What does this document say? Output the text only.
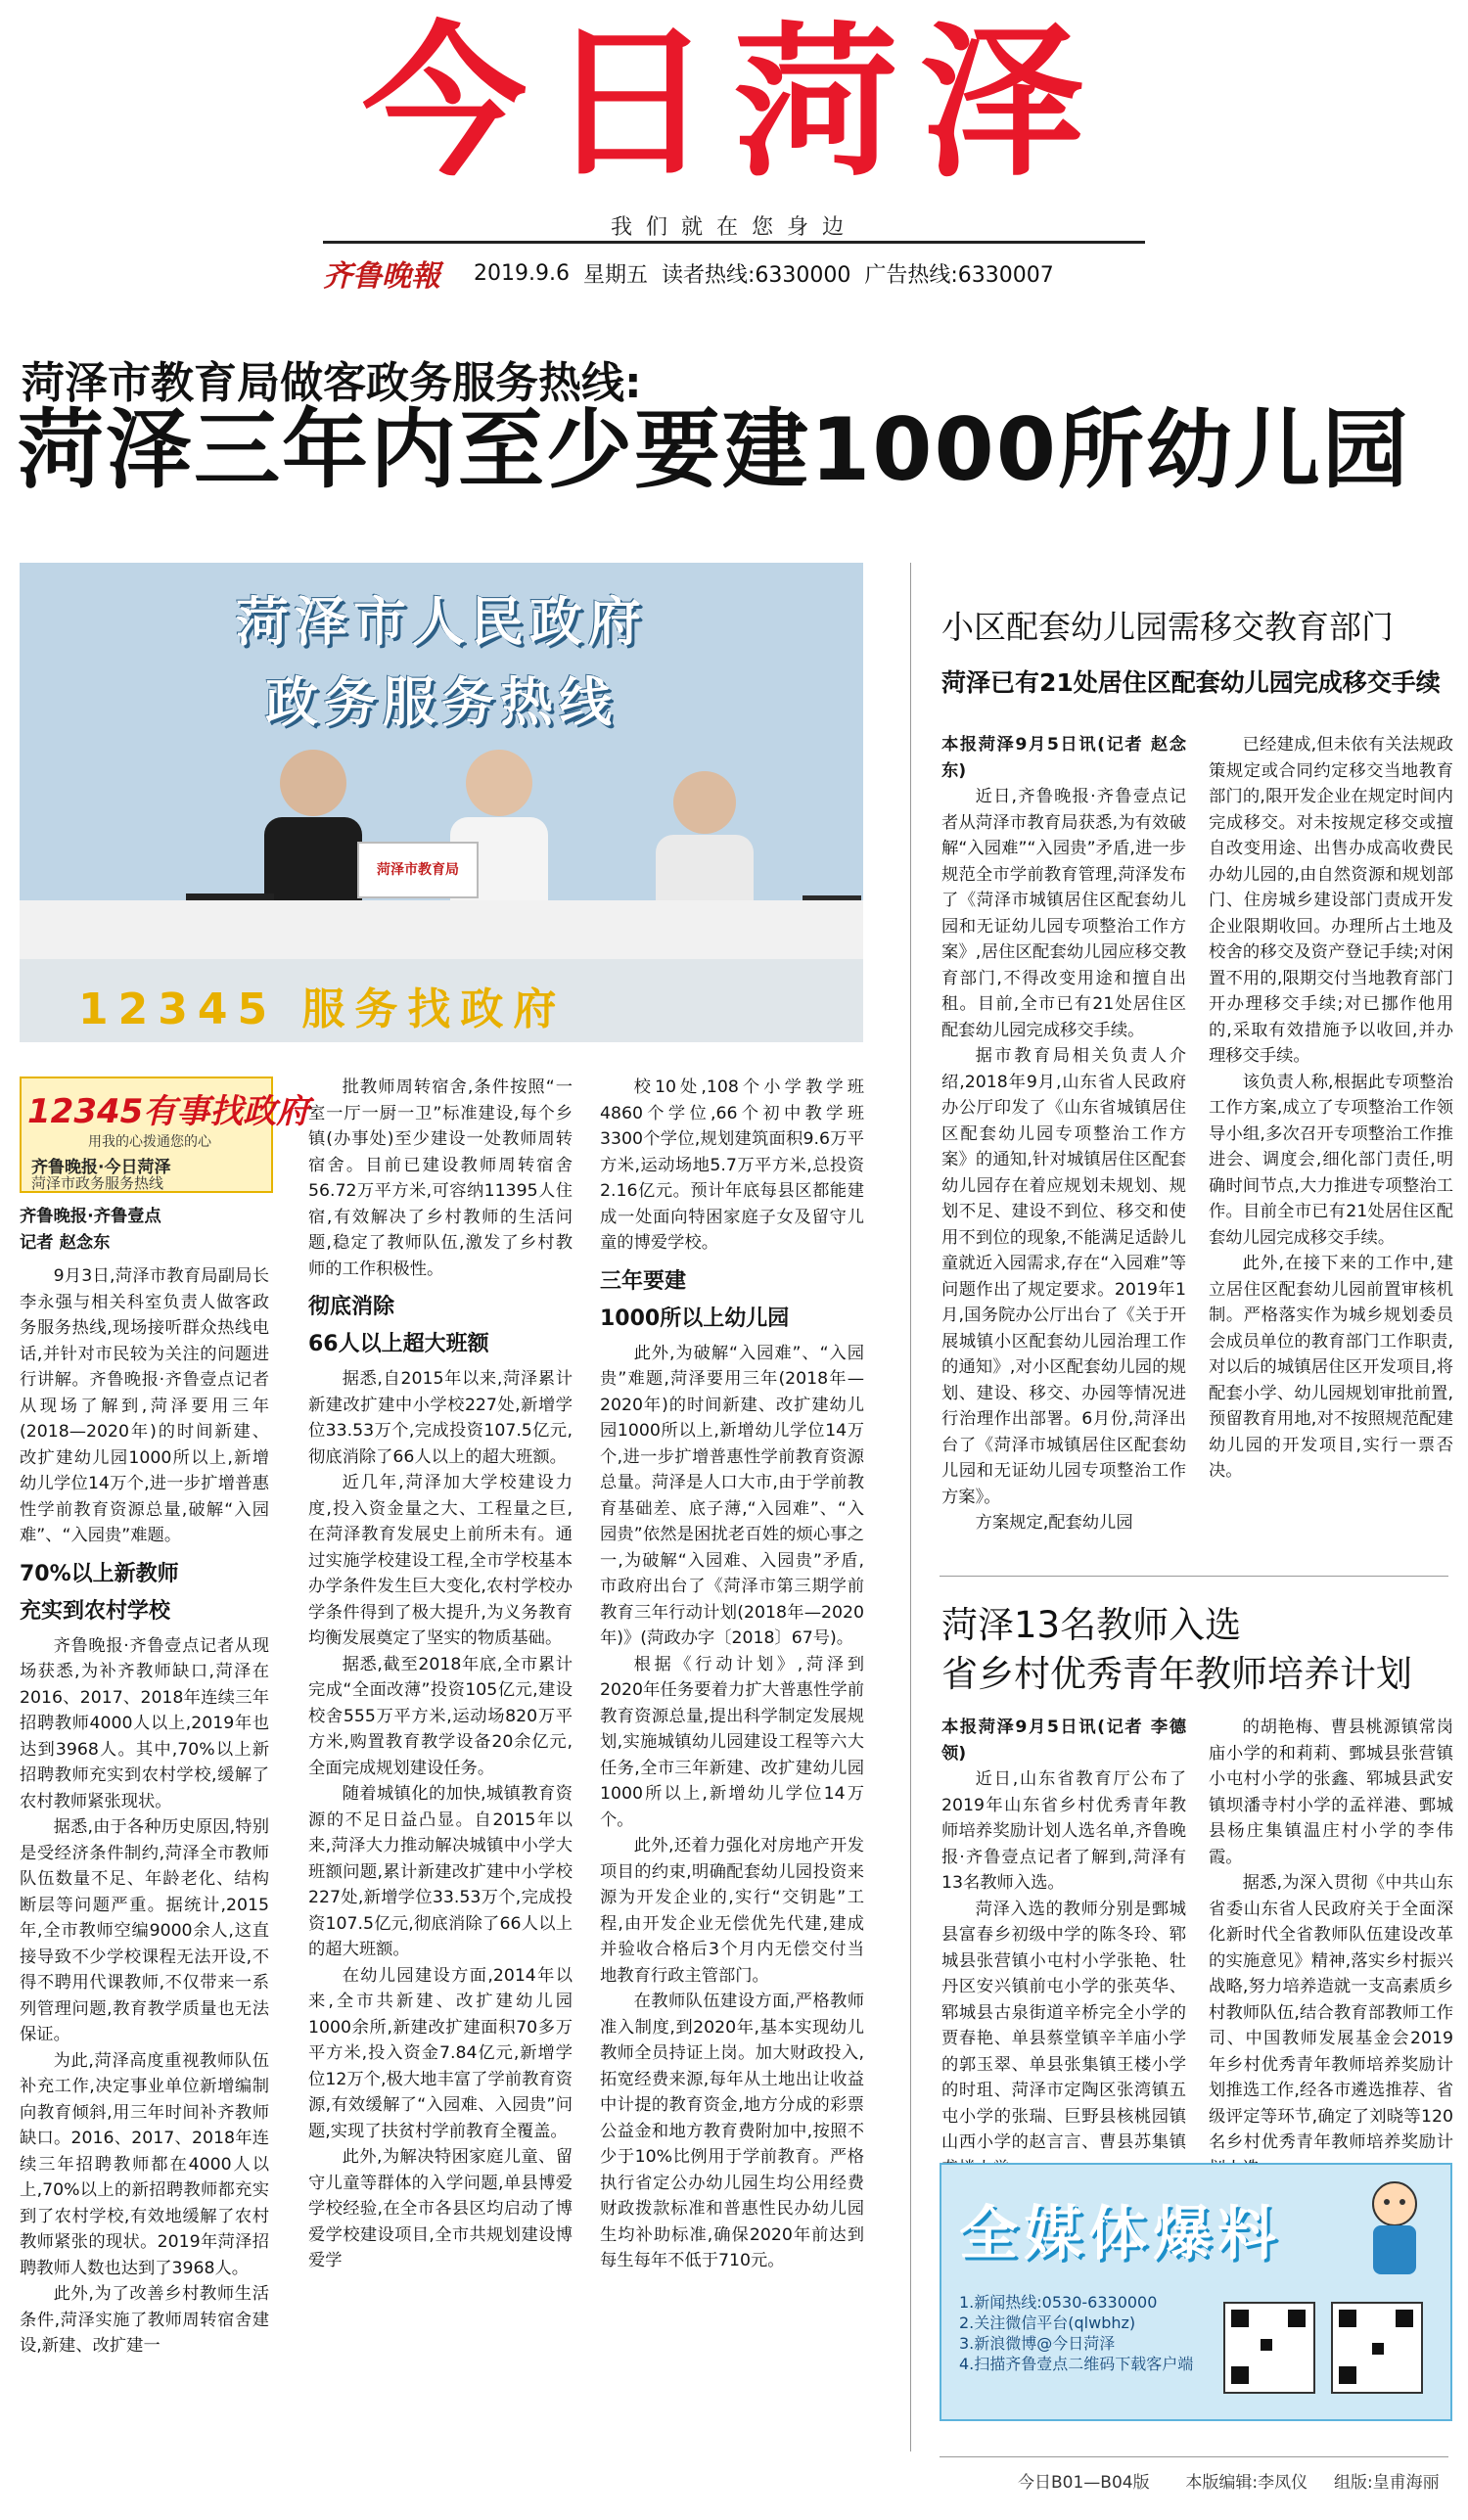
今日菏泽
我们就在您身边
齐鲁晚報 2019.9.6 星期五 读者热线:6330000 广告热线:6330007
菏泽市教育局做客政务服务热线:
菏泽三年内至少要建1000所幼儿园
菏泽市人民政府
政务服务热线
菏泽市教育局
12345 服务找政府
12345有事找政府
用我的心拨通您的心
齐鲁晚报·今日菏泽
菏泽市政务服务热线

齐鲁晚报·齐鲁壹点

记者 赵念东

9月3日,菏泽市教育局副局长李永强与相关科室负责人做客政务服务热线,现场接听群众热线电话,并针对市民较为关注的问题进行讲解。齐鲁晚报·齐鲁壹点记者从现场了解到,菏泽要用三年(2018—2020年)的时间新建、改扩建幼儿园1000所以上,新增幼儿学位14万个,进一步扩增普惠性学前教育资源总量,破解“入园难”、“入园贵”难题。

70%以上新教师
充实到农村学校

齐鲁晚报·齐鲁壹点记者从现场获悉,为补齐教师缺口,菏泽在2016、2017、2018年连续三年招聘教师4000人以上,2019年也达到3968人。其中,70%以上新招聘教师充实到农村学校,缓解了农村教师紧张现状。

据悉,由于各种历史原因,特别是受经济条件制约,菏泽全市教师队伍数量不足、年龄老化、结构断层等问题严重。据统计,2015年,全市教师空编9000余人,这直接导致不少学校课程无法开设,不得不聘用代课教师,不仅带来一系列管理问题,教育教学质量也无法保证。

为此,菏泽高度重视教师队伍补充工作,决定事业单位新增编制向教育倾斜,用三年时间补齐教师缺口。2016、2017、2018年连续三年招聘教师都在4000人以上,70%以上的新招聘教师都充实到了农村学校,有效地缓解了农村教师紧张的现状。2019年菏泽招聘教师人数也达到了3968人。

此外,为了改善乡村教师生活条件,菏泽实施了教师周转宿舍建设,新建、改扩建一

批教师周转宿舍,条件按照“一室一厅一厨一卫”标准建设,每个乡镇(办事处)至少建设一处教师周转宿舍。目前已建设教师周转宿舍56.72万平方米,可容纳11395人住宿,有效解决了乡村教师的生活问题,稳定了教师队伍,激发了乡村教师的工作积极性。

彻底消除
66人以上超大班额

据悉,自2015年以来,菏泽累计新建改扩建中小学校227处,新增学位33.53万个,完成投资107.5亿元,彻底消除了66人以上的超大班额。

近几年,菏泽加大学校建设力度,投入资金量之大、工程量之巨,在菏泽教育发展史上前所未有。通过实施学校建设工程,全市学校基本办学条件发生巨大变化,农村学校办学条件得到了极大提升,为义务教育均衡发展奠定了坚实的物质基础。

据悉,截至2018年底,全市累计完成“全面改薄”投资105亿元,建设校舍555万平方米,运动场820万平方米,购置教育教学设备20余亿元,全面完成规划建设任务。

随着城镇化的加快,城镇教育资源的不足日益凸显。自2015年以来,菏泽大力推动解决城镇中小学大班额问题,累计新建改扩建中小学校227处,新增学位33.53万个,完成投资107.5亿元,彻底消除了66人以上的超大班额。

在幼儿园建设方面,2014年以来,全市共新建、改扩建幼儿园1000余所,新建改扩建面积70多万平方米,投入资金7.84亿元,新增学位12万个,极大地丰富了学前教育资源,有效缓解了“入园难、入园贵”问题,实现了扶贫村学前教育全覆盖。

此外,为解决特困家庭儿童、留守儿童等群体的入学问题,单县博爱学校经验,在全市各县区均启动了博爱学校建设项目,全市共规划建设博爱学

校10处,108个小学教学班4860个学位,66个初中教学班3300个学位,规划建筑面积9.6万平方米,运动场地5.7万平方米,总投资2.16亿元。预计年底每县区都能建成一处面向特困家庭子女及留守儿童的博爱学校。

三年要建
1000所以上幼儿园

此外,为破解“入园难”、“入园贵”难题,菏泽要用三年(2018年—2020年)的时间新建、改扩建幼儿园1000所以上,新增幼儿学位14万个,进一步扩增普惠性学前教育资源总量。菏泽是人口大市,由于学前教育基础差、底子薄,“入园难”、“入园贵”依然是困扰老百姓的烦心事之一,为破解“入园难、入园贵”矛盾,市政府出台了《菏泽市第三期学前教育三年行动计划(2018年—2020年)》(菏政办字〔2018〕67号)。

根据《行动计划》,菏泽到2020年任务要着力扩大普惠性学前教育资源总量,提出科学制定发展规划,实施城镇幼儿园建设工程等六大任务,全市三年新建、改扩建幼儿园1000所以上,新增幼儿学位14万个。

此外,还着力强化对房地产开发项目的约束,明确配套幼儿园投资来源为开发企业的,实行“交钥匙”工程,由开发企业无偿优先代建,建成并验收合格后3个月内无偿交付当地教育行政主管部门。

在教师队伍建设方面,严格教师准入制度,到2020年,基本实现幼儿教师全员持证上岗。加大财政投入,拓宽经费来源,每年从土地出让收益中计提的教育资金,地方分成的彩票公益金和地方教育费附加中,按照不少于10%比例用于学前教育。严格执行省定公办幼儿园生均公用经费财政拨款标准和普惠性民办幼儿园生均补助标准,确保2020年前达到每生每年不低于710元。

小区配套幼儿园需移交教育部门
菏泽已有21处居住区配套幼儿园完成移交手续

本报菏泽9月5日讯(记者 赵念东)

近日,齐鲁晚报·齐鲁壹点记者从菏泽市教育局获悉,为有效破解“入园难”“入园贵”矛盾,进一步规范全市学前教育管理,菏泽发布了《菏泽市城镇居住区配套幼儿园和无证幼儿园专项整治工作方案》,居住区配套幼儿园应移交教育部门,不得改变用途和擅自出租。目前,全市已有21处居住区配套幼儿园完成移交手续。

据市教育局相关负责人介绍,2018年9月,山东省人民政府办公厅印发了《山东省城镇居住区配套幼儿园专项整治工作方案》的通知,针对城镇居住区配套幼儿园存在着应规划未规划、规划不足、建设不到位、移交和使用不到位的现象,不能满足适龄儿童就近入园需求,存在“入园难”等问题作出了规定要求。2019年1月,国务院办公厅出台了《关于开展城镇小区配套幼儿园治理工作的通知》,对小区配套幼儿园的规划、建设、移交、办园等情况进行治理作出部署。6月份,菏泽出台了《菏泽市城镇居住区配套幼儿园和无证幼儿园专项整治工作方案》。

方案规定,配套幼儿园

已经建成,但未依有关法规政策规定或合同约定移交当地教育部门的,限开发企业在规定时间内完成移交。对未按规定移交或擅自改变用途、出售办成高收费民办幼儿园的,由自然资源和规划部门、住房城乡建设部门责成开发企业限期收回。办理所占土地及校舍的移交及资产登记手续;对闲置不用的,限期交付当地教育部门开办理移交手续;对已挪作他用的,采取有效措施予以收回,并办理移交手续。

该负责人称,根据此专项整治工作方案,成立了专项整治工作领导小组,多次召开专项整治工作推进会、调度会,细化部门责任,明确时间节点,大力推进专项整治工作。目前全市已有21处居住区配套幼儿园完成移交手续。

此外,在接下来的工作中,建立居住区配套幼儿园前置审核机制。严格落实作为城乡规划委员会成员单位的教育部门工作职责,对以后的城镇居住区开发项目,将配套小学、幼儿园规划审批前置,预留教育用地,对不按照规范配建幼儿园的开发项目,实行一票否决。

菏泽13名教师入选
省乡村优秀青年教师培养计划

本报菏泽9月5日讯(记者 李德领)

近日,山东省教育厅公布了2019年山东省乡村优秀青年教师培养奖励计划人选名单,齐鲁晚报·齐鲁壹点记者了解到,菏泽有13名教师入选。

菏泽入选的教师分别是鄄城县富春乡初级中学的陈冬玲、郓城县张营镇小屯村小学张艳、牡丹区安兴镇前屯小学的张英华、郓城县古泉街道辛桥完全小学的贾春艳、单县蔡堂镇辛羊庙小学的郭玉翠、单县张集镇王楼小学的时珇、菏泽市定陶区张湾镇五屯小学的张瑞、巨野县核桃园镇山西小学的赵言言、曹县苏集镇

的胡艳梅、曹县桃源镇常岗庙小学的和莉莉、鄄城县张营镇小屯村小学的张鑫、郓城县武安镇坝潘寺村小学的孟祥港、鄄城县杨庄集镇温庄村小学的李伟霞。

据悉,为深入贯彻《中共山东省委山东省人民政府关于全面深化新时代全省教师队伍建设改革的实施意见》精神,落实乡村振兴战略,努力培养造就一支高素质乡村教师队伍,结合教育部教师工作司、中国教师发展基金会2019年乡村优秀青年教师培养奖励计划推选工作,经各市遴选推荐、省级评定等环节,确定了刘晓等120名乡村优秀青年教师培养奖励计

全媒体爆料
1.新闻热线:0530-6330000
2.关注微信平台(qlwbhz)
3.新浪微博@今日菏泽
4.扫描齐鲁壹点二维码下载客户端
今日B01—B04版 本版编辑:李凤仪 组版:皇甫海丽
